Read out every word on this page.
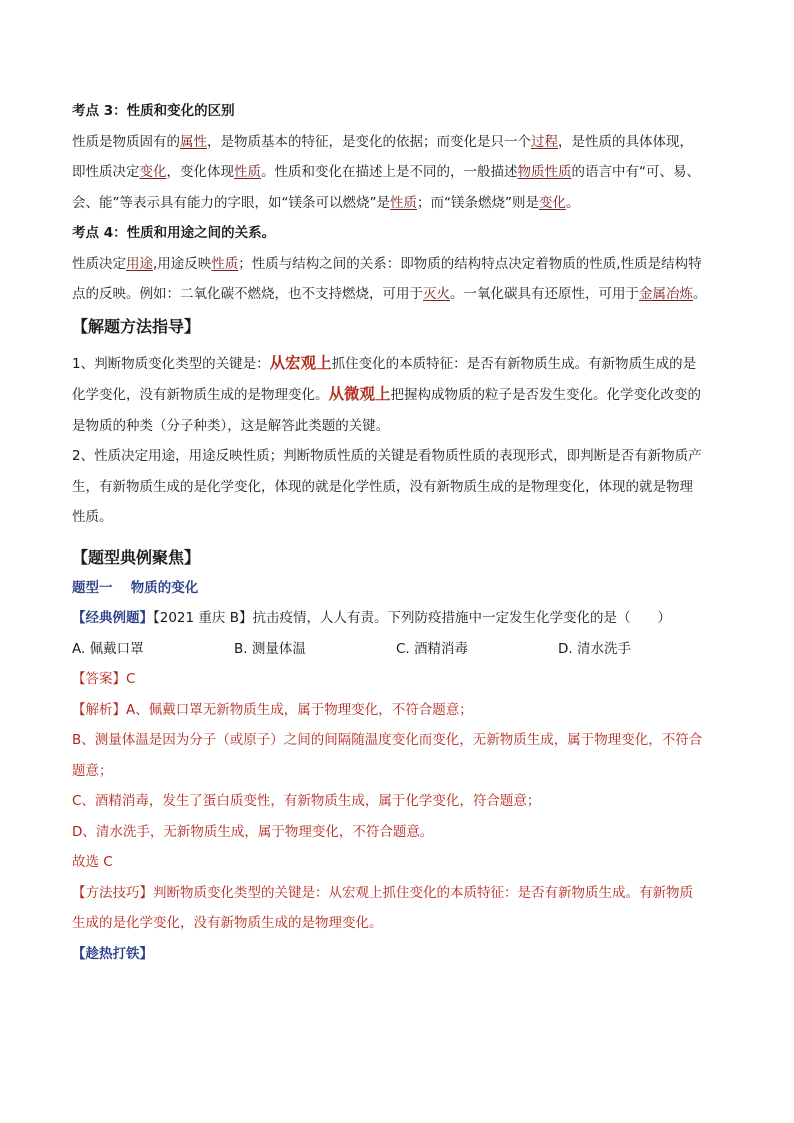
考点 3：性质和变化的区别
性质是物质固有的属性，是物质基本的特征，是变化的依据；而变化是只一个过程，是性质的具体体现，
即性质决定变化，变化体现性质。性质和变化在描述上是不同的，一般描述物质性质的语言中有“可、易、
会、能”等表示具有能力的字眼，如“镁条可以燃烧”是性质；而“镁条燃烧”则是变化。
考点 4：性质和用途之间的关系。
性质决定用途,用途反映性质；性质与结构之间的关系：即物质的结构特点决定着物质的性质,性质是结构特
点的反映。例如：二氧化碳不燃烧，也不支持燃烧，可用于灭火。一氧化碳具有还原性，可用于金属冶炼。
【解题方法指导】
1、判断物质变化类型的关键是：从宏观上抓住变化的本质特征：是否有新物质生成。有新物质生成的是
化学变化，没有新物质生成的是物理变化。从微观上把握构成物质的粒子是否发生变化。化学变化改变的
是物质的种类（分子种类），这是解答此类题的关键。
2、性质决定用途，用途反映性质；判断物质性质的关键是看物质性质的表现形式，即判断是否有新物质产
生，有新物质生成的是化学变化，体现的就是化学性质，没有新物质生成的是物理变化，体现的就是物理
性质。
【题型典例聚焦】
题型一　 物质的变化
【经典例题】【2021 重庆 B】抗击疫情，人人有责。下列防疫措施中一定发生化学变化的是（　　）
A. 佩戴口罩	B. 测量体温	C. 酒精消毒	D. 清水洗手
【答案】C
【解析】A、佩戴口罩无新物质生成，属于物理变化，不符合题意；
B、测量体温是因为分子（或原子）之间的间隔随温度变化而变化，无新物质生成，属于物理变化，不符合
题意；
C、酒精消毒，发生了蛋白质变性，有新物质生成，属于化学变化，符合题意；
D、清水洗手，无新物质生成，属于物理变化，不符合题意。
故选 C
【方法技巧】判断物质变化类型的关键是：从宏观上抓住变化的本质特征：是否有新物质生成。有新物质
生成的是化学变化，没有新物质生成的是物理变化。
【趁热打铁】
